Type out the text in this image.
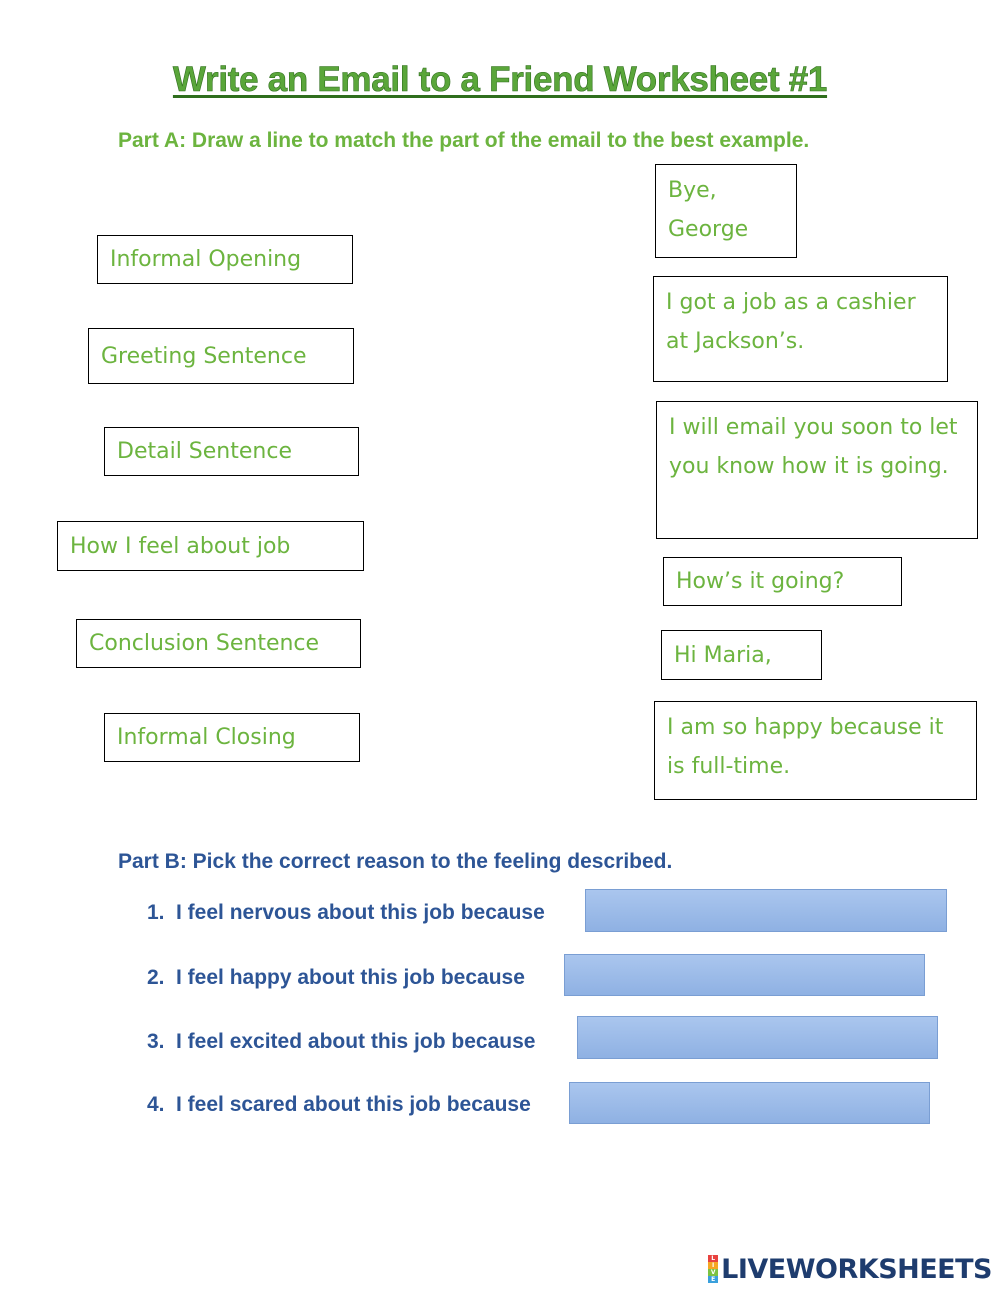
Write an Email to a Friend Worksheet #1
Part A: Draw a line to match the part of the email to the best example.
Informal Opening
Greeting Sentence
Detail Sentence
How I feel about job
Conclusion Sentence
Informal Closing
Bye, George
I got a job as a cashier at Jackson’s.
I will email you soon to let you know how it is going.
How’s it going?
Hi Maria,
I am so happy because it is full-time.
Part B: Pick the correct reason to the feeling described.
1. I feel nervous about this job because
2. I feel happy about this job because
3. I feel excited about this job because
4. I feel scared about this job because
L
I
V
E LIVEWORKSHEETS
